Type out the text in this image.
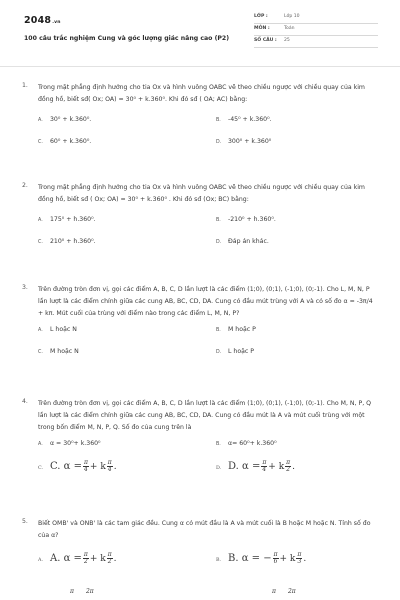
2048.vn
100 câu trắc nghiệm Cung và góc lượng giác nâng cao (P2)
LỚP :	Lớp 10
MÔN :	Toán
SỐ CÂU :	25
1. Trong mặt phẳng định hướng cho tia Ox và hình vuông OABC vẽ theo chiều ngược với chiều quay của kim đồng hồ, biết sđ( Ox; OA) = 30⁰ + k.360⁰. Khi đó sđ ( OA; AC) bằng:
A. 30⁰ + k.360⁰.	B. -45⁰ + k.360⁰.
C. 60⁰ + k.360⁰.	D. 300⁰ + k.360⁰
2. Trong mặt phẳng định hướng cho tia Ox và hình vuông OABC vẽ theo chiều ngược với chiều quay của kim đồng hồ, biết sđ ( Ox; OA) = 30⁰ + k.360⁰ . Khi đó sđ (Ox; BC) bằng:
A. 175⁰ + h.360⁰.	B. -210⁰ + h.360⁰.
C. 210⁰ + h.360⁰.	D. Đáp án khác.
3. Trên đường tròn đơn vị, gọi các điểm A, B, C, D lần lượt là các điểm (1;0), (0;1), (-1;0), (0;-1). Cho L, M, N, P lần lượt là các điểm chính giữa các cung AB, BC, CD, DA. Cung có đầu mút trùng với A và có số đo α = -3π/4 + kπ. Mút cuối của trùng với điểm nào trong các điểm L, M, N, P?
A. L hoặc N	B. M hoặc P
C. M hoặc N	D. L hoặc P
4. Trên đường tròn đơn vị, gọi các điểm A, B, C, D lần lượt là các điểm (1;0), (0;1), (-1;0), (0;-1). Cho M, N, P, Q lần lượt là các điểm chính giữa các cung AB, BC, CD, DA. Cung có đầu mút là A và mút cuối trùng với một trong bốn điểm M, N, P, Q. Số đo của cung trên là
A. α = 30⁰+ k.360⁰	B. α= 60⁰+ k.360⁰
C. C. $\alpha = \frac{\pi}{4} + k \frac{\pi}{4}$ .	D. D. $\alpha = \frac{\pi}{4} + k \frac{\pi}{2}$ .
5. Biết OMB' và ONB' là các tam giác đều. Cung α có mút đầu là A và mút cuối là B hoặc M hoặc N. Tính số đo của α?
A. A. $\alpha = \frac{\pi}{2} + k \frac{\pi}{2}$ .	B. B. α = − $\frac{\pi}{6} + k \frac{\pi}{3}$ .
π 2π	π 2π
